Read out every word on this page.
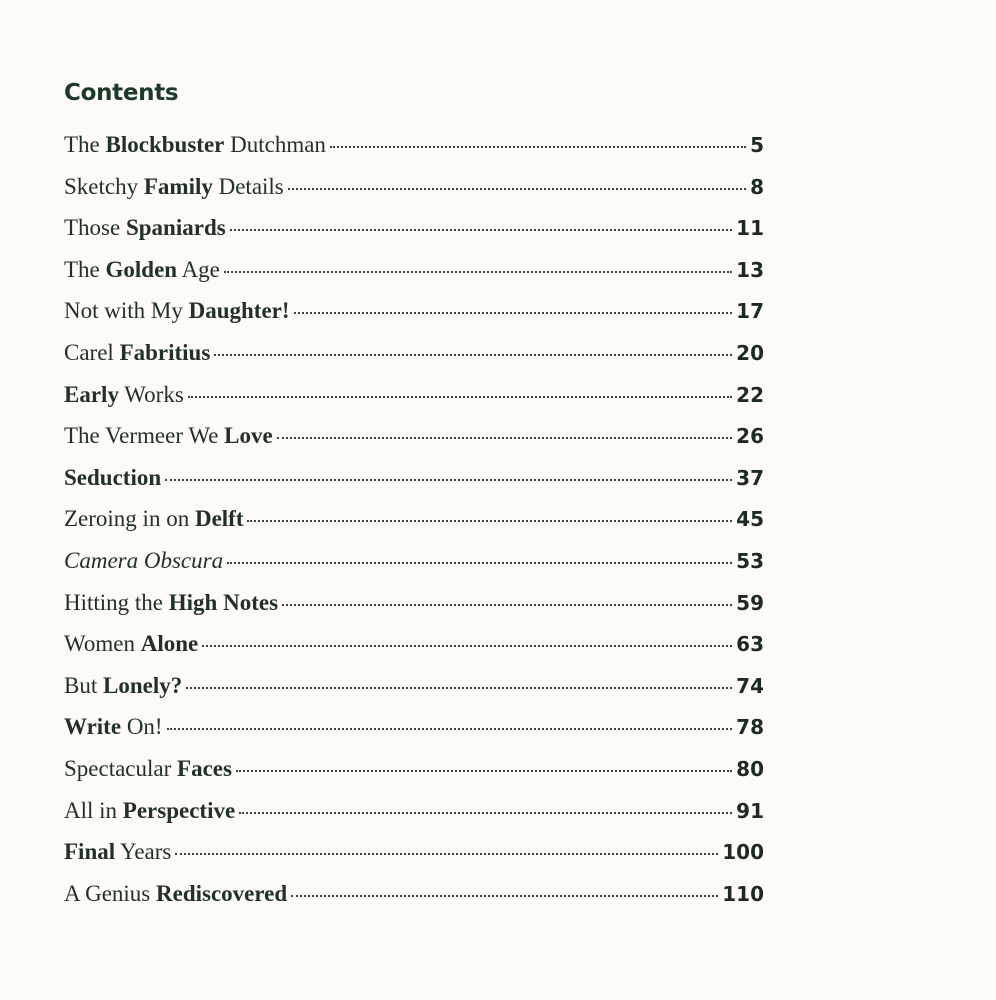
Contents
The Blockbuster Dutchman	5
Sketchy Family Details	8
Those Spaniards	11
The Golden Age	13
Not with My Daughter!	17
Carel Fabritius	20
Early Works	22
The Vermeer We Love	26
Seduction	37
Zeroing in on Delft	45
Camera Obscura	53
Hitting the High Notes	59
Women Alone	63
But Lonely?	74
Write On!	78
Spectacular Faces	80
All in Perspective	91
Final Years	100
A Genius Rediscovered	110
